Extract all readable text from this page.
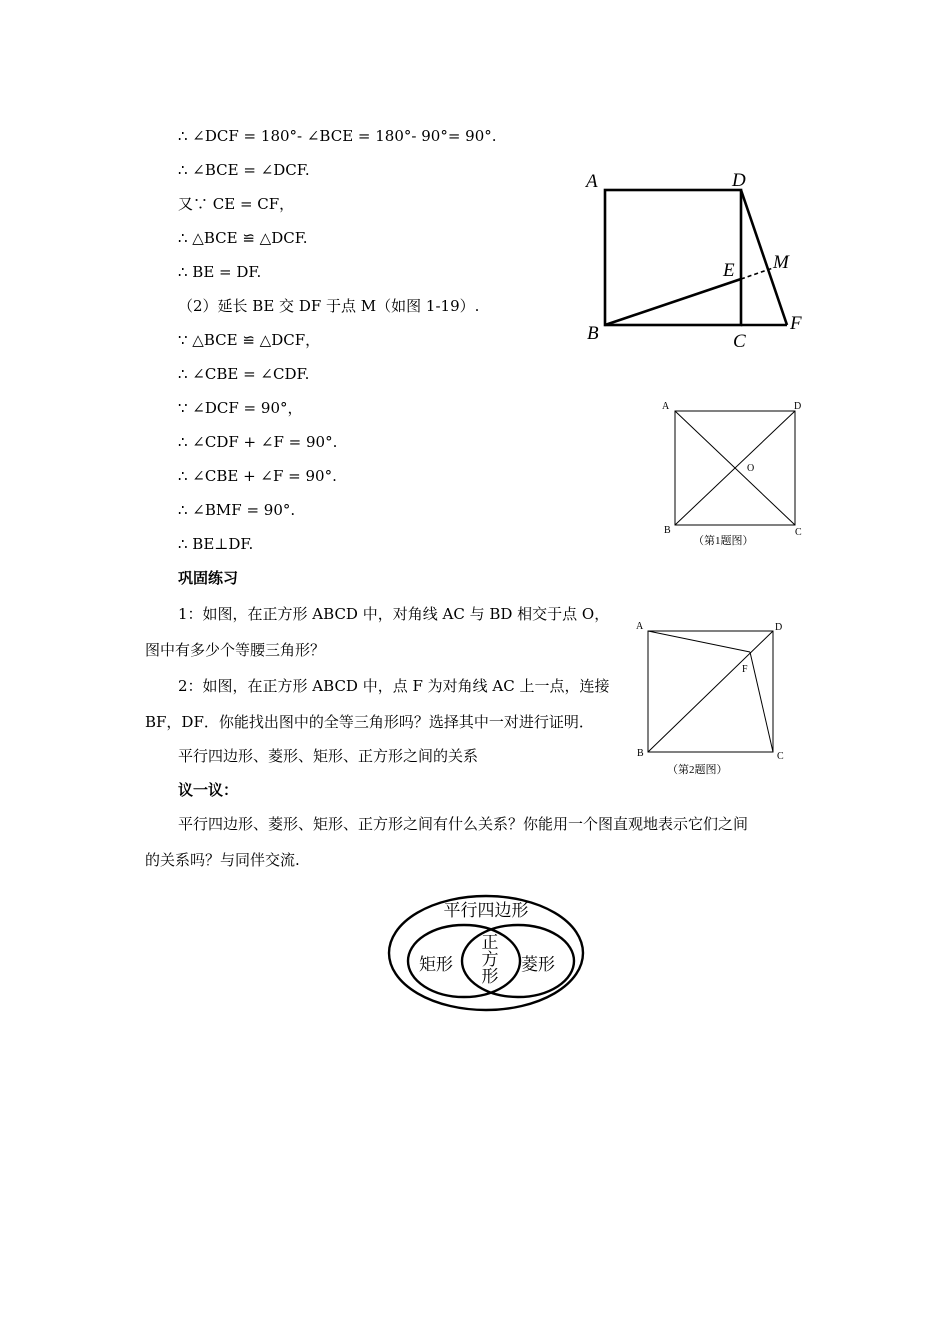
∴ ∠DCF = 180°- ∠BCE = 180°- 90°= 90°.
∴ ∠BCE = ∠DCF.
又∵ CE = CF，
∴ △BCE ≌ △DCF.
∴ BE = DF.
（2）延长 BE 交 DF 于点 M（如图 1-19）.
∵ △BCE ≌ △DCF，
∴ ∠CBE = ∠CDF.
∵ ∠DCF = 90°，
∴ ∠CDF + ∠F = 90°.
∴ ∠CBE + ∠F = 90°.
∴ ∠BMF = 90°.
∴ BE⊥DF.
巩固练习
1：如图，在正方形 ABCD 中，对角线 AC 与 BD 相交于点 O，
图中有多少个等腰三角形？
2：如图，在正方形 ABCD 中，点 F 为对角线 AC 上一点，连接
BF，DF．你能找出图中的全等三角形吗？选择其中一对进行证明．
平行四边形、菱形、矩形、正方形之间的关系
议一议：
平行四边形、菱形、矩形、正方形之间有什么关系？你能用一个图直观地表示它们之间
的关系吗？与同伴交流.
A	D
E M
B	C
F
A	D
O
B	C
（第1题图）
A	D
F
B	C
（第2题图）
平行四边形
矩形	菱形
正
方
形
